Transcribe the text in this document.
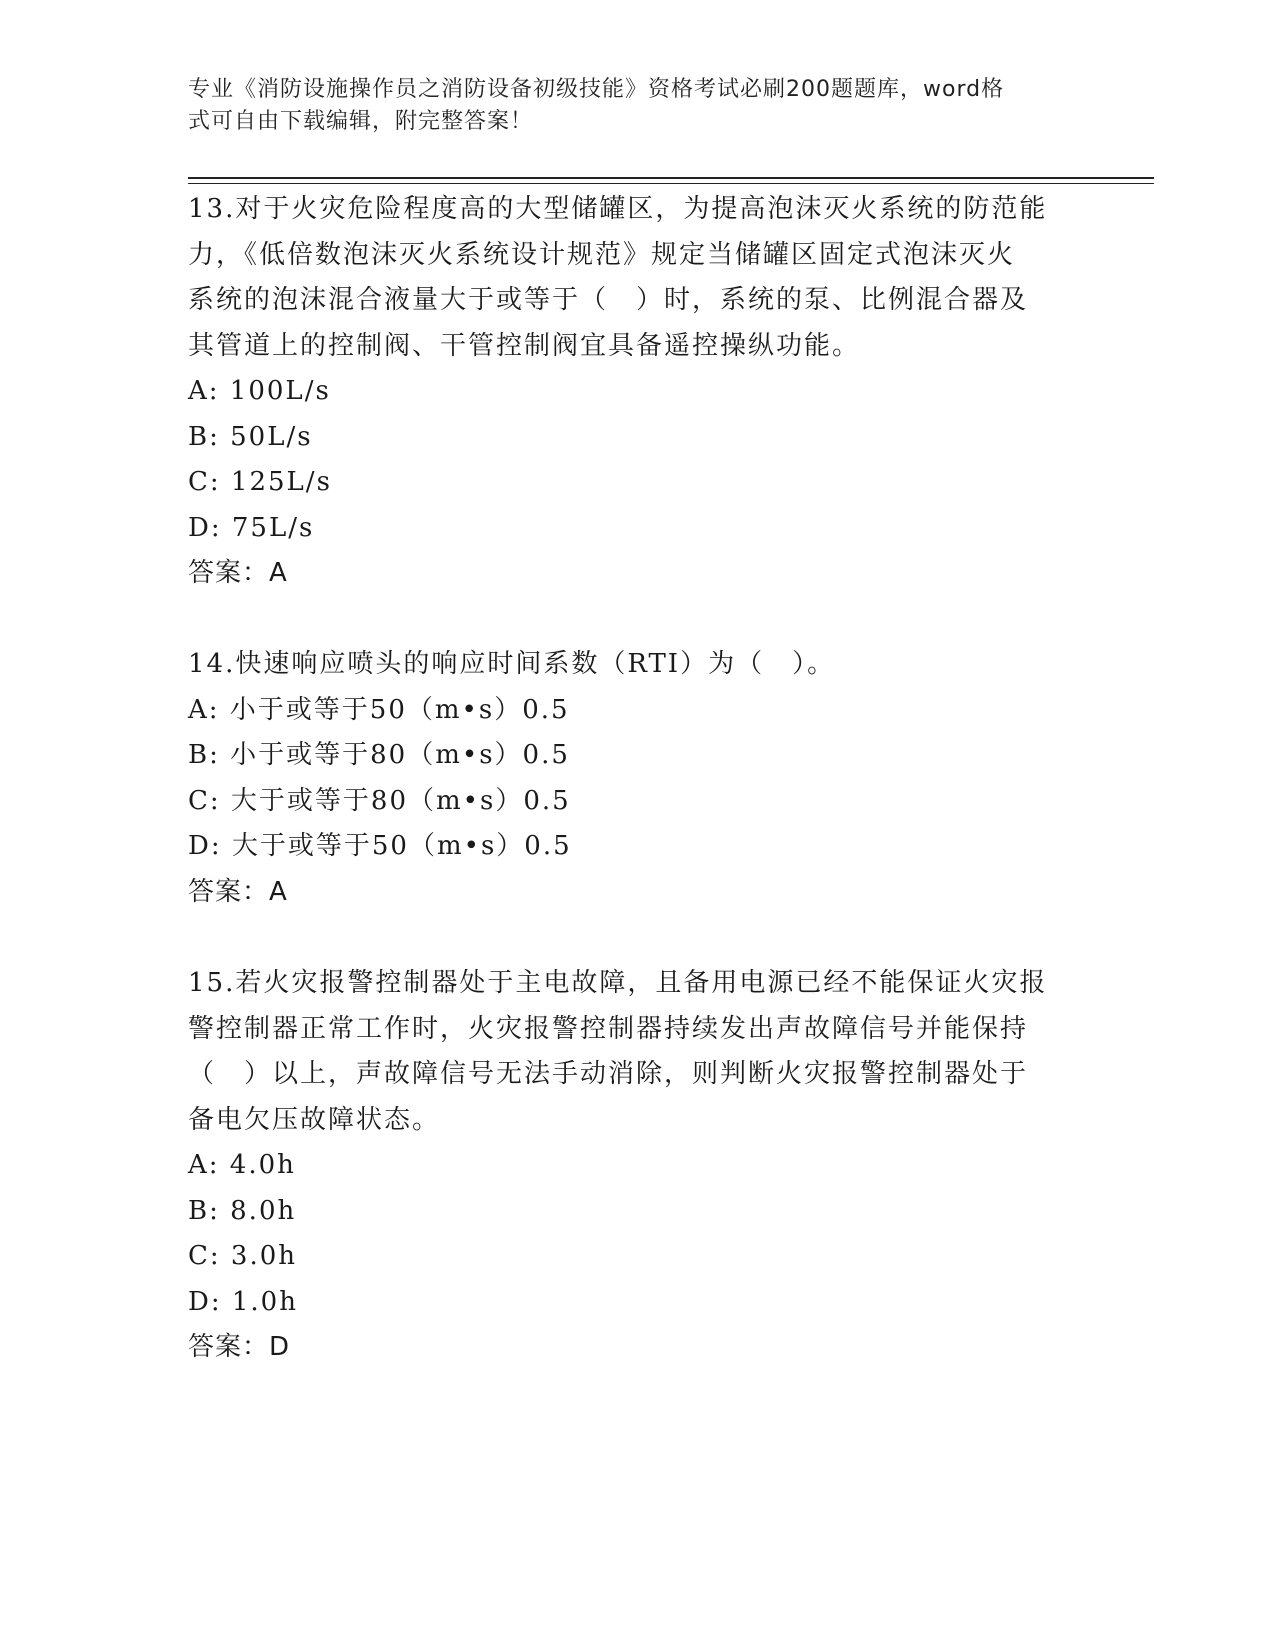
专业《消防设施操作员之消防设备初级技能》资格考试必刷200题题库，word格
式可自由下载编辑，附完整答案！

13.对于火灾危险程度高的大型储罐区，为提高泡沫灭火系统的防范能

力，《低倍数泡沫灭火系统设计规范》规定当储罐区固定式泡沫灭火

系统的泡沫混合液量大于或等于（　）时，系统的泵、比例混合器及

其管道上的控制阀、干管控制阀宜具备遥控操纵功能。

A: 100L/s

B: 50L/s

C: 125L/s

D: 75L/s

答案：A

14.快速响应喷头的响应时间系数（RTI）为（　）。

A: 小于或等于50（m•s）0.5

B: 小于或等于80（m•s）0.5

C: 大于或等于80（m•s）0.5

D: 大于或等于50（m•s）0.5

答案：A

15.若火灾报警控制器处于主电故障，且备用电源已经不能保证火灾报

警控制器正常工作时，火灾报警控制器持续发出声故障信号并能保持

（　）以上，声故障信号无法手动消除，则判断火灾报警控制器处于

备电欠压故障状态。

A: 4.0h

B: 8.0h

C: 3.0h

D: 1.0h

答案：D
